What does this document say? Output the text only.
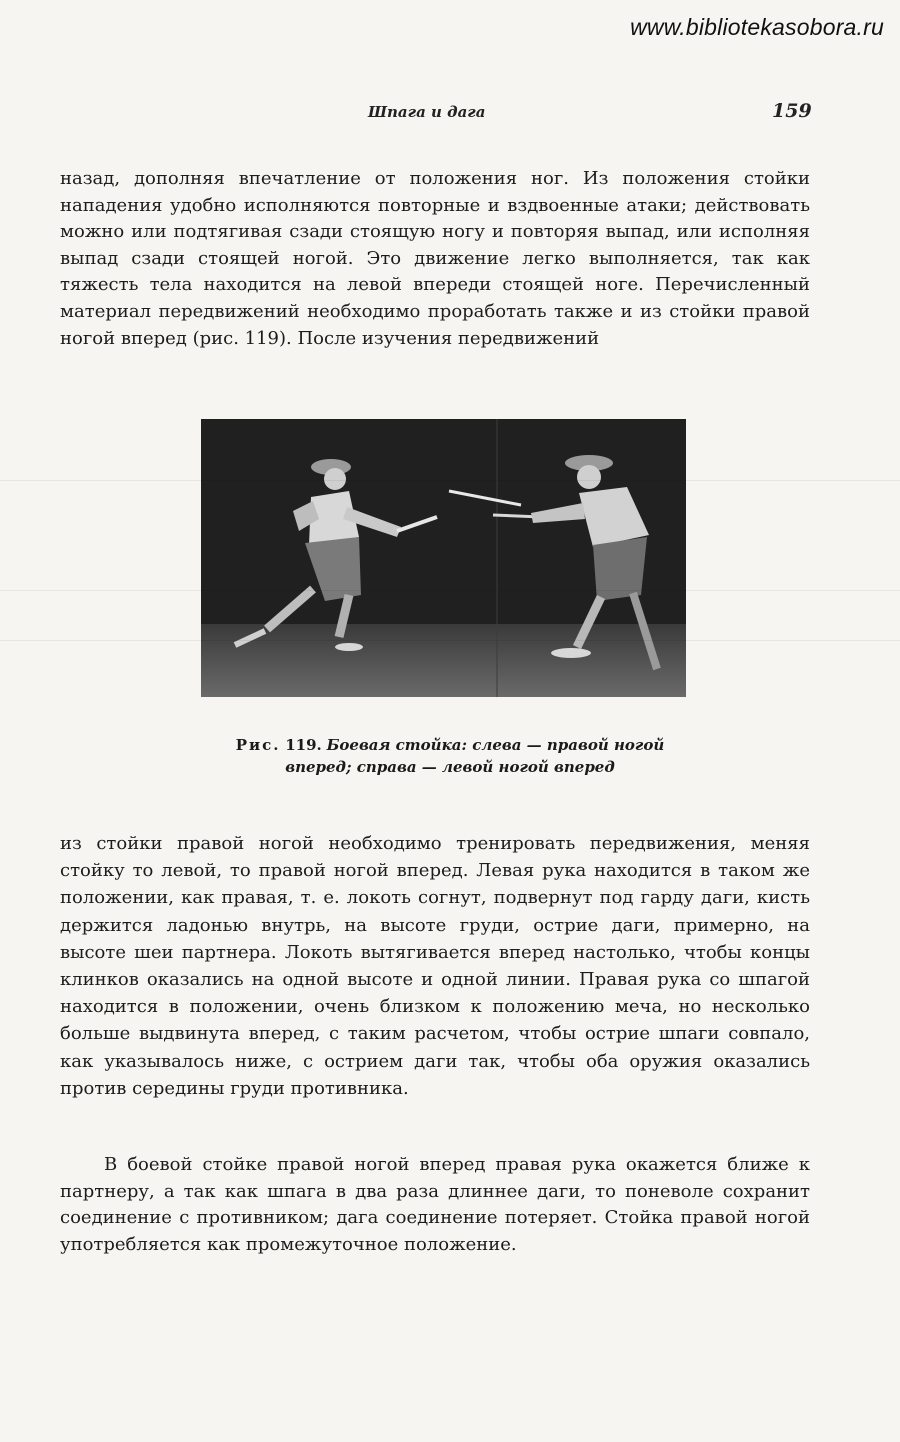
www.bibliotekasobora.ru
Шпага и дага	159

назад, дополняя впечатление от положения ног. Из положения стойки нападения удобно исполняются повторные и вздвоенные атаки; действовать можно или подтягивая сзади стоящую ногу и повторяя выпад, или исполняя выпад сзади стоящей ногой. Это движение легко выполняется, так как тяжесть тела находится на левой впереди стоящей ноге. Перечисленный материал передвижений необходимо проработать также и из стойки правой ногой вперед (рис. 119). После изучения передвижений

Рис. 119. Боевая стойка: слева — правой ногой
вперед; справа — левой ногой вперед

из стойки правой ногой необходимо тренировать передвижения, меняя стойку то левой, то правой ногой вперед. Левая рука находится в таком же положении, как правая, т. е. локоть согнут, подвернут под гарду даги, кисть держится ладонью внутрь, на высоте груди, острие даги, примерно, на высоте шеи партнера. Локоть вытягивается вперед настолько, чтобы концы клинков оказались на одной высоте и одной линии. Правая рука со шпагой находится в положении, очень близком к положению меча, но несколько больше выдвинута вперед, с таким расчетом, чтобы острие шпаги совпало, как указывалось ниже, с острием даги так, чтобы оба оружия оказались против середины груди противника.

В боевой стойке правой ногой вперед правая рука окажется ближе к партнеру, а так как шпага в два раза длиннее даги, то поневоле сохранит соединение с противником; дага соединение потеряет. Стойка правой ногой употребляется как промежуточное положение.
